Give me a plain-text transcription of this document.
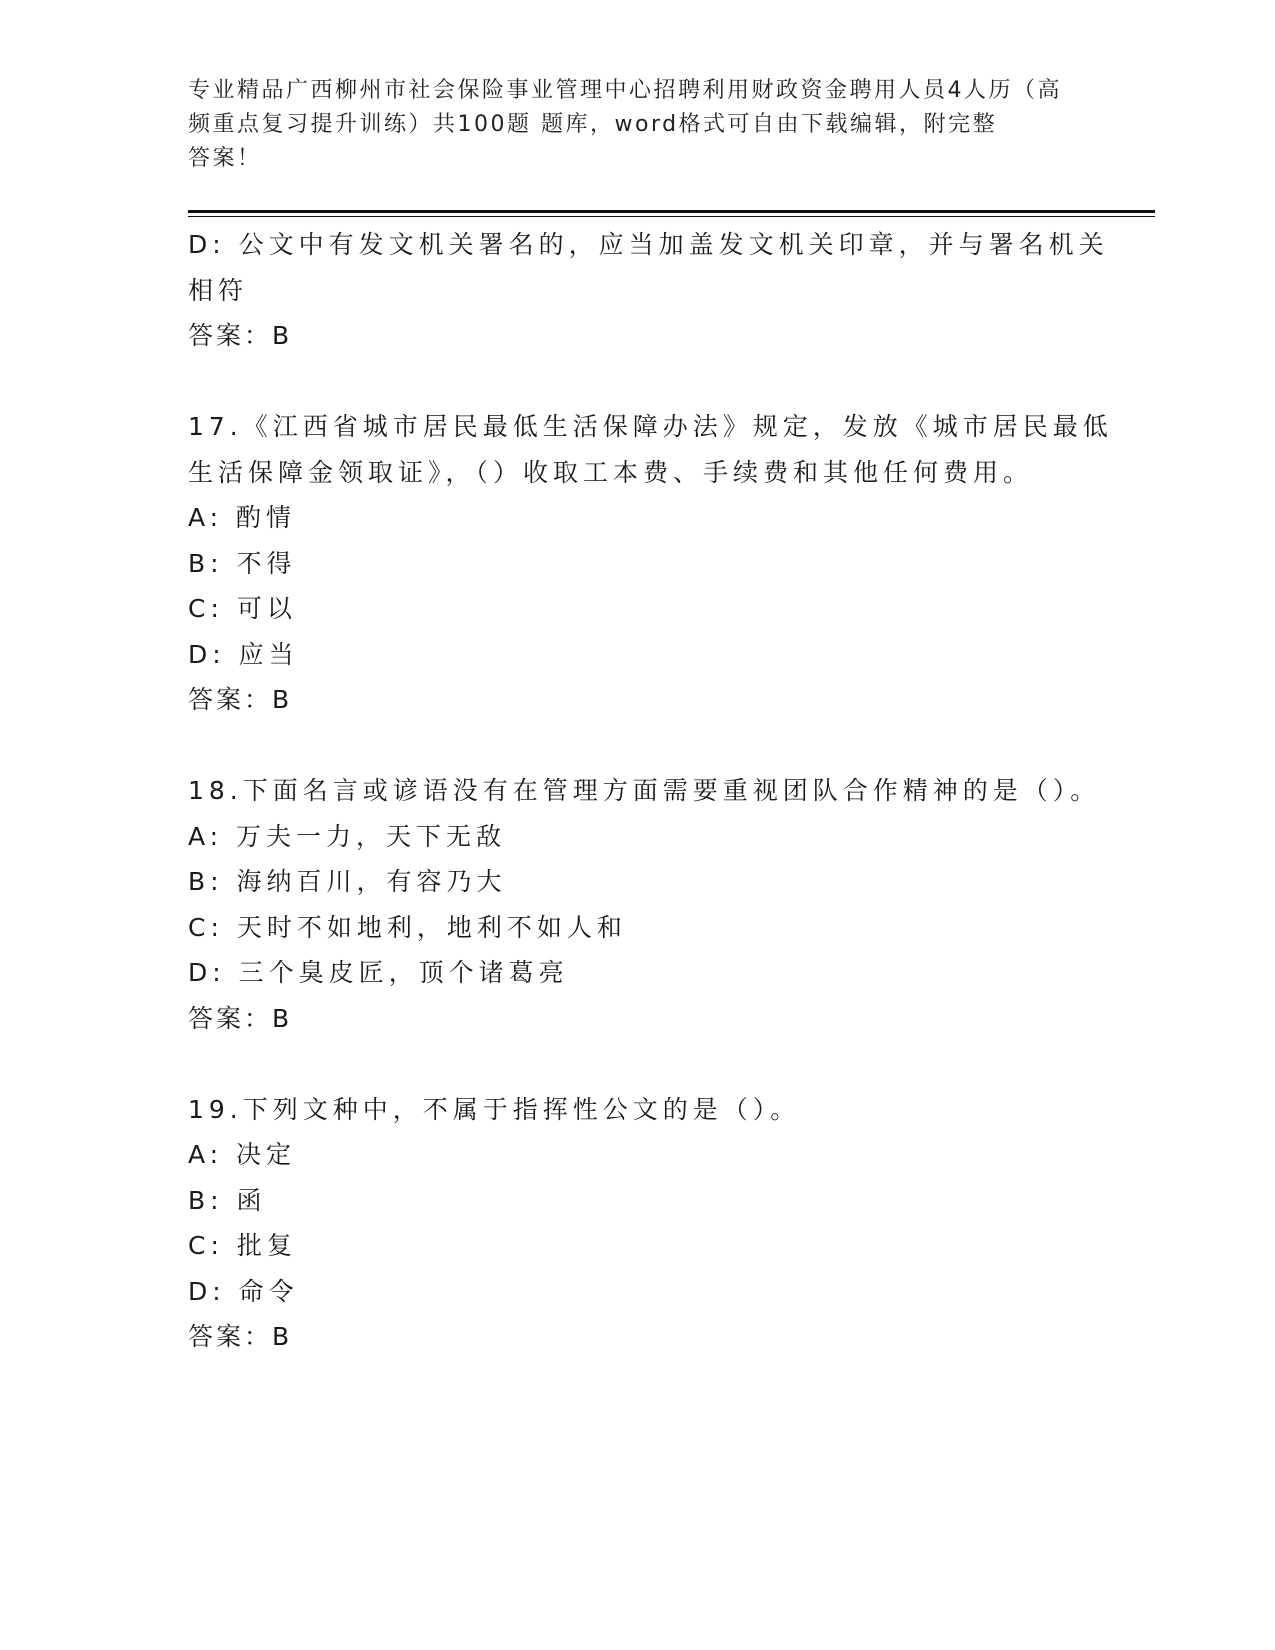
专业精品广西柳州市社会保险事业管理中心招聘利用财政资金聘用人员4人历（高
频重点复习提升训练）共100题 题库，word格式可自由下载编辑，附完整
答案！
D: 公文中有发文机关署名的，应当加盖发文机关印章，并与署名机关
相符
答案：B
17.《江西省城市居民最低生活保障办法》规定，发放《城市居民最低
生活保障金领取证》，（）收取工本费、手续费和其他任何费用。
A: 酌情
B: 不得
C: 可以
D: 应当
答案：B
18.下面名言或谚语没有在管理方面需要重视团队合作精神的是（）。
A: 万夫一力，天下无敌
B: 海纳百川，有容乃大
C: 天时不如地利，地利不如人和
D: 三个臭皮匠，顶个诸葛亮
答案：B
19.下列文种中，不属于指挥性公文的是（）。
A: 决定
B: 函
C: 批复
D: 命令
答案：B
